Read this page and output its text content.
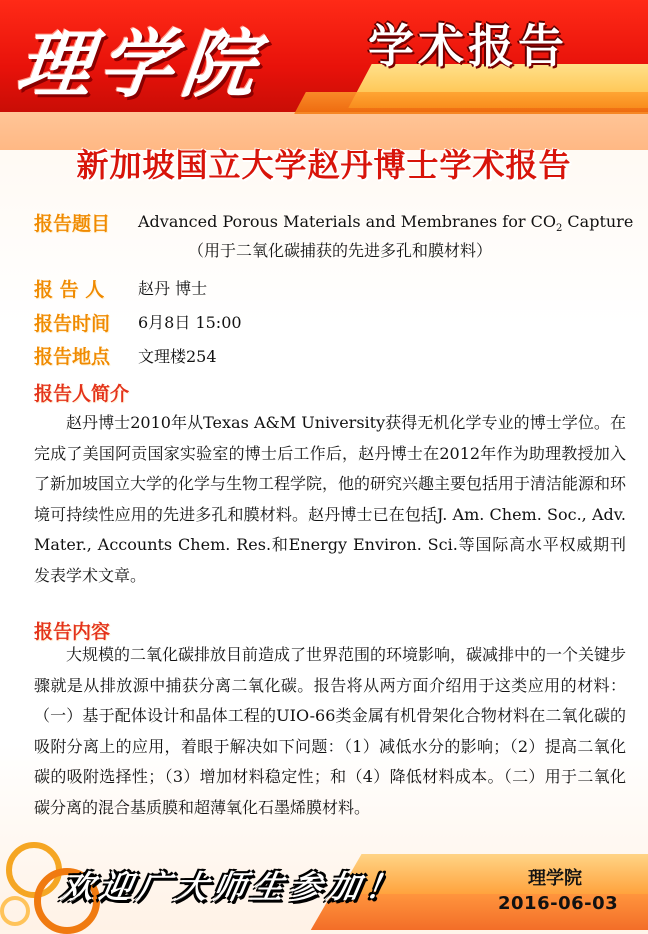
理学院 学术报告
新加坡国立大学赵丹博士学术报告
报告题目 Advanced Porous Materials and Membranes for $CO_2$ Capture
（用于二氧化碳捕获的先进多孔和膜材料）
报 告 人 赵丹 博士
报告时间 6月8日 15:00
报告地点 文理楼254
报告人简介
赵丹博士2010年从Texas A&M University获得无机化学专业的博士学位。在完成了美国阿贡国家实验室的博士后工作后，赵丹博士在2012年作为助理教授加入了新加坡国立大学的化学与生物工程学院，他的研究兴趣主要包括用于清洁能源和环境可持续性应用的先进多孔和膜材料。赵丹博士已在包括J. Am. Chem. Soc., Adv. Mater., Accounts Chem. Res.和Energy Environ. Sci.等国际高水平权威期刊发表学术文章。
报告内容
大规模的二氧化碳排放目前造成了世界范围的环境影响，碳减排中的一个关键步骤就是从排放源中捕获分离二氧化碳。报告将从两方面介绍用于这类应用的材料：（一）基于配体设计和晶体工程的UIO-66类金属有机骨架化合物材料在二氧化碳的吸附分离上的应用，着眼于解决如下问题：（1）减低水分的影响；（2）提高二氧化碳的吸附选择性；（3）增加材料稳定性；和（4）降低材料成本。（二）用于二氧化碳分离的混合基质膜和超薄氧化石墨烯膜材料。
欢迎广大师生参加！	理学院
2016-06-03
